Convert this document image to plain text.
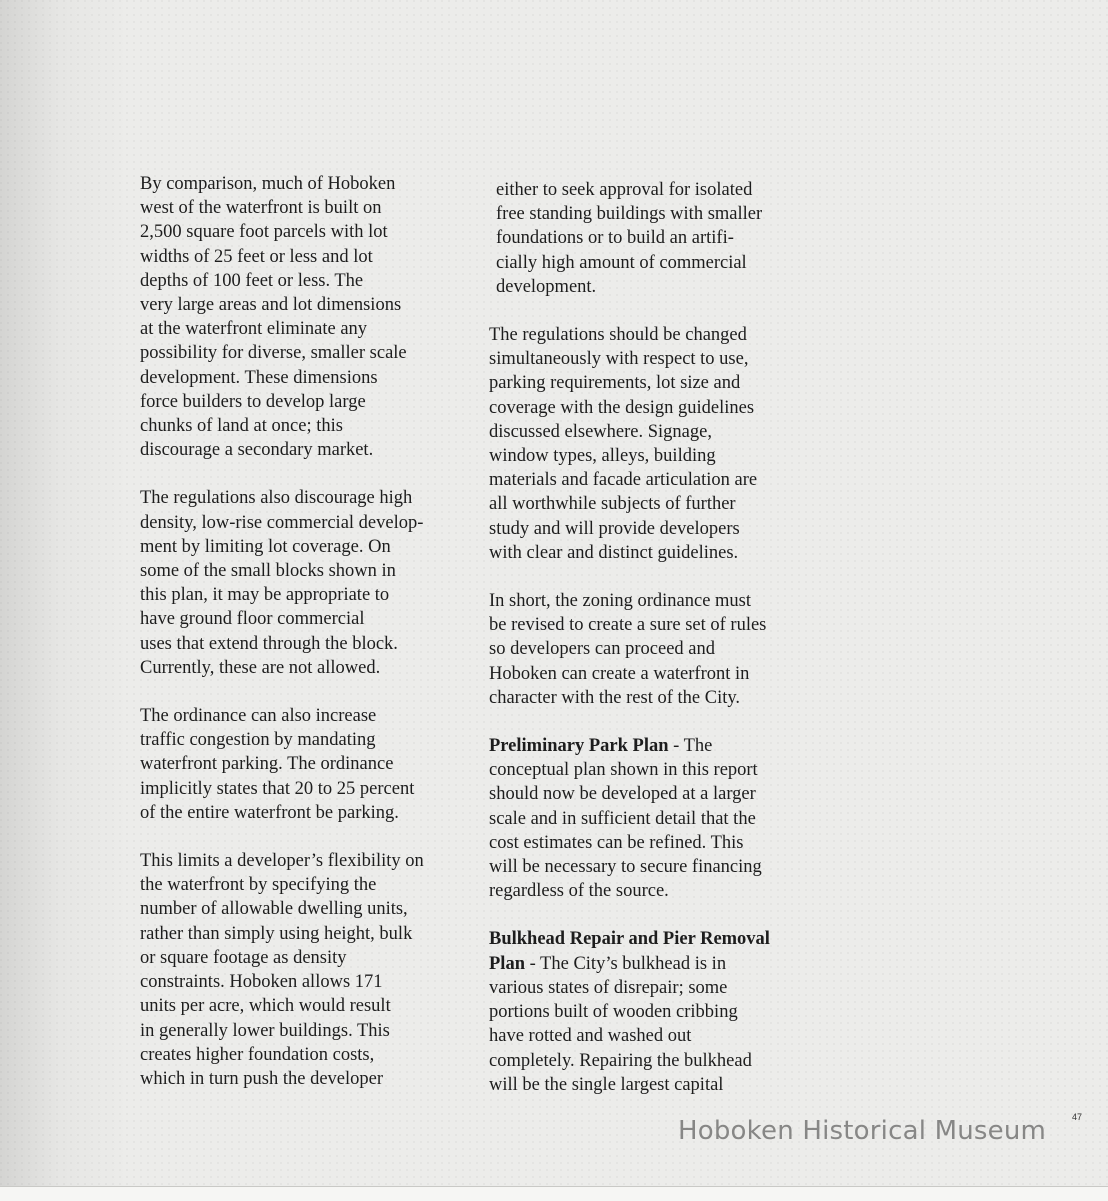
By comparison, much of Hoboken
west of the waterfront is built on
2,500 square foot parcels with lot
widths of 25 feet or less and lot
depths of 100 feet or less. The
very large areas and lot dimensions
at the waterfront eliminate any
possibility for diverse, smaller scale
development. These dimensions
force builders to develop large
chunks of land at once; this
discourage a secondary market.
The regulations also discourage high
density, low-rise commercial develop-
ment by limiting lot coverage. On
some of the small blocks shown in
this plan, it may be appropriate to
have ground floor commercial
uses that extend through the block.
Currently, these are not allowed.
The ordinance can also increase
traffic congestion by mandating
waterfront parking. The ordinance
implicitly states that 20 to 25 percent
of the entire waterfront be parking.
This limits a developer’s flexibility on
the waterfront by specifying the
number of allowable dwelling units,
rather than simply using height, bulk
or square footage as density
constraints. Hoboken allows 171
units per acre, which would result
in generally lower buildings. This
creates higher foundation costs,
which in turn push the developer
either to seek approval for isolated
free standing buildings with smaller
foundations or to build an artifi-
cially high amount of commercial
development.
The regulations should be changed
simultaneously with respect to use,
parking requirements, lot size and
coverage with the design guidelines
discussed elsewhere. Signage,
window types, alleys, building
materials and facade articulation are
all worthwhile subjects of further
study and will provide developers
with clear and distinct guidelines.
In short, the zoning ordinance must
be revised to create a sure set of rules
so developers can proceed and
Hoboken can create a waterfront in
character with the rest of the City.
Preliminary Park Plan - The
conceptual plan shown in this report
should now be developed at a larger
scale and in sufficient detail that the
cost estimates can be refined. This
will be necessary to secure financing
regardless of the source.
Bulkhead Repair and Pier Removal
Plan - The City’s bulkhead is in
various states of disrepair; some
portions built of wooden cribbing
have rotted and washed out
completely. Repairing the bulkhead
will be the single largest capital
47
Hoboken Historical Museum
